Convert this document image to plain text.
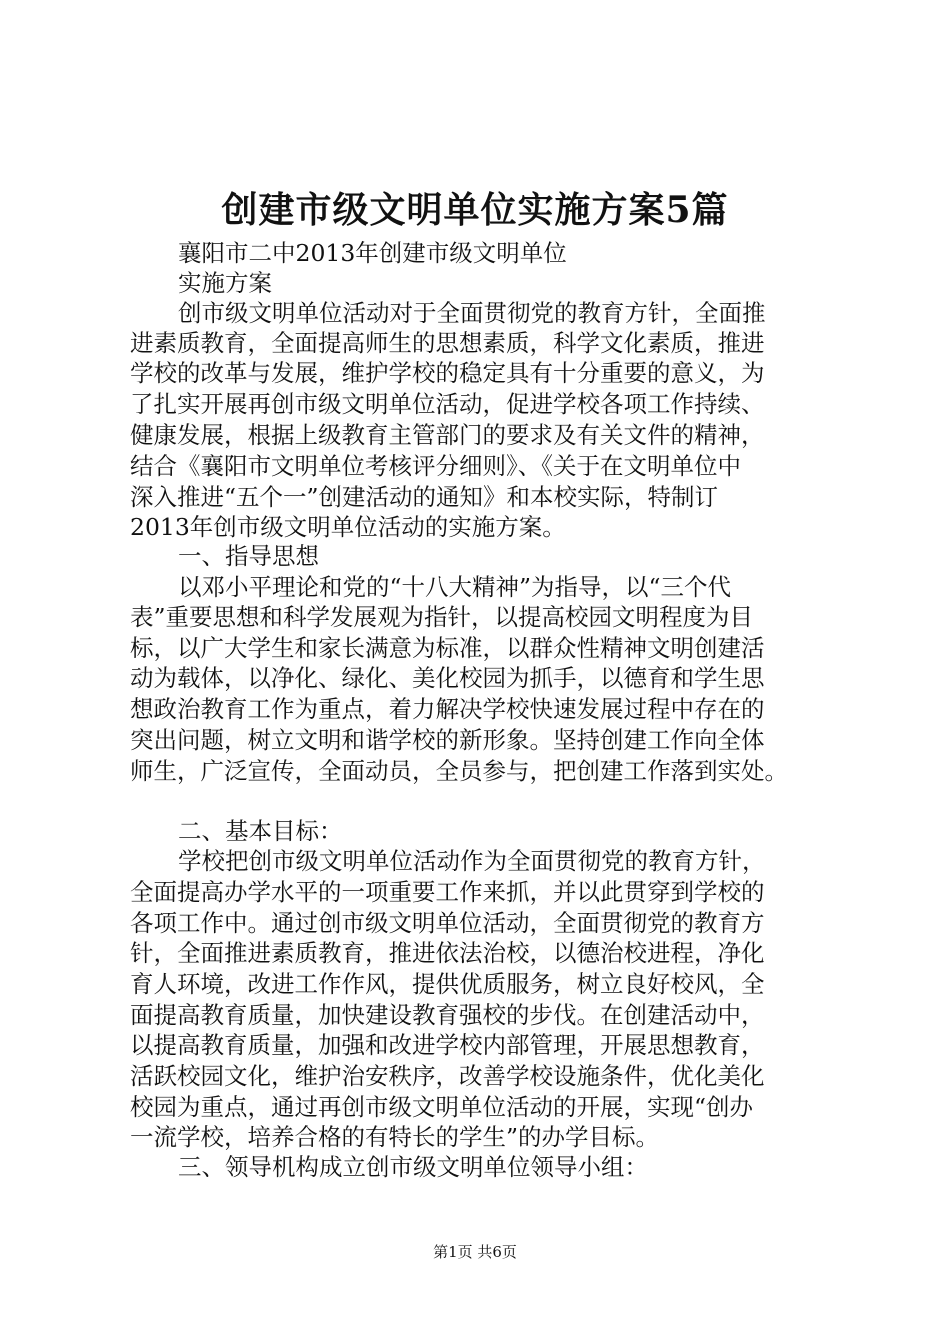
创建市级文明单位实施方案5篇
襄阳市二中2013年创建市级文明单位
实施方案
创市级文明单位活动对于全面贯彻党的教育方针，全面推
进素质教育，全面提高师生的思想素质，科学文化素质，推进
学校的改革与发展，维护学校的稳定具有十分重要的意义，为
了扎实开展再创市级文明单位活动，促进学校各项工作持续、
健康发展，根据上级教育主管部门的要求及有关文件的精神，
结合《襄阳市文明单位考核评分细则》、《关于在文明单位中
深入推进“五个一”创建活动的通知》和本校实际，特制订
2013年创市级文明单位活动的实施方案。
一、指导思想
以邓小平理论和党的“十八大精神”为指导，以“三个代
表”重要思想和科学发展观为指针，以提高校园文明程度为目
标，以广大学生和家长满意为标准，以群众性精神文明创建活
动为载体，以净化、绿化、美化校园为抓手，以德育和学生思
想政治教育工作为重点，着力解决学校快速发展过程中存在的
突出问题，树立文明和谐学校的新形象。坚持创建工作向全体
师生，广泛宣传，全面动员，全员参与，把创建工作落到实处。
二、基本目标：
学校把创市级文明单位活动作为全面贯彻党的教育方针，
全面提高办学水平的一项重要工作来抓，并以此贯穿到学校的
各项工作中。通过创市级文明单位活动，全面贯彻党的教育方
针，全面推进素质教育，推进依法治校，以德治校进程，净化
育人环境，改进工作作风，提供优质服务，树立良好校风，全
面提高教育质量，加快建设教育强校的步伐。在创建活动中，
以提高教育质量，加强和改进学校内部管理，开展思想教育，
活跃校园文化，维护治安秩序，改善学校设施条件，优化美化
校园为重点，通过再创市级文明单位活动的开展，实现“创办
一流学校，培养合格的有特长的学生”的办学目标。
三、领导机构成立创市级文明单位领导小组：
第1页 共6页
